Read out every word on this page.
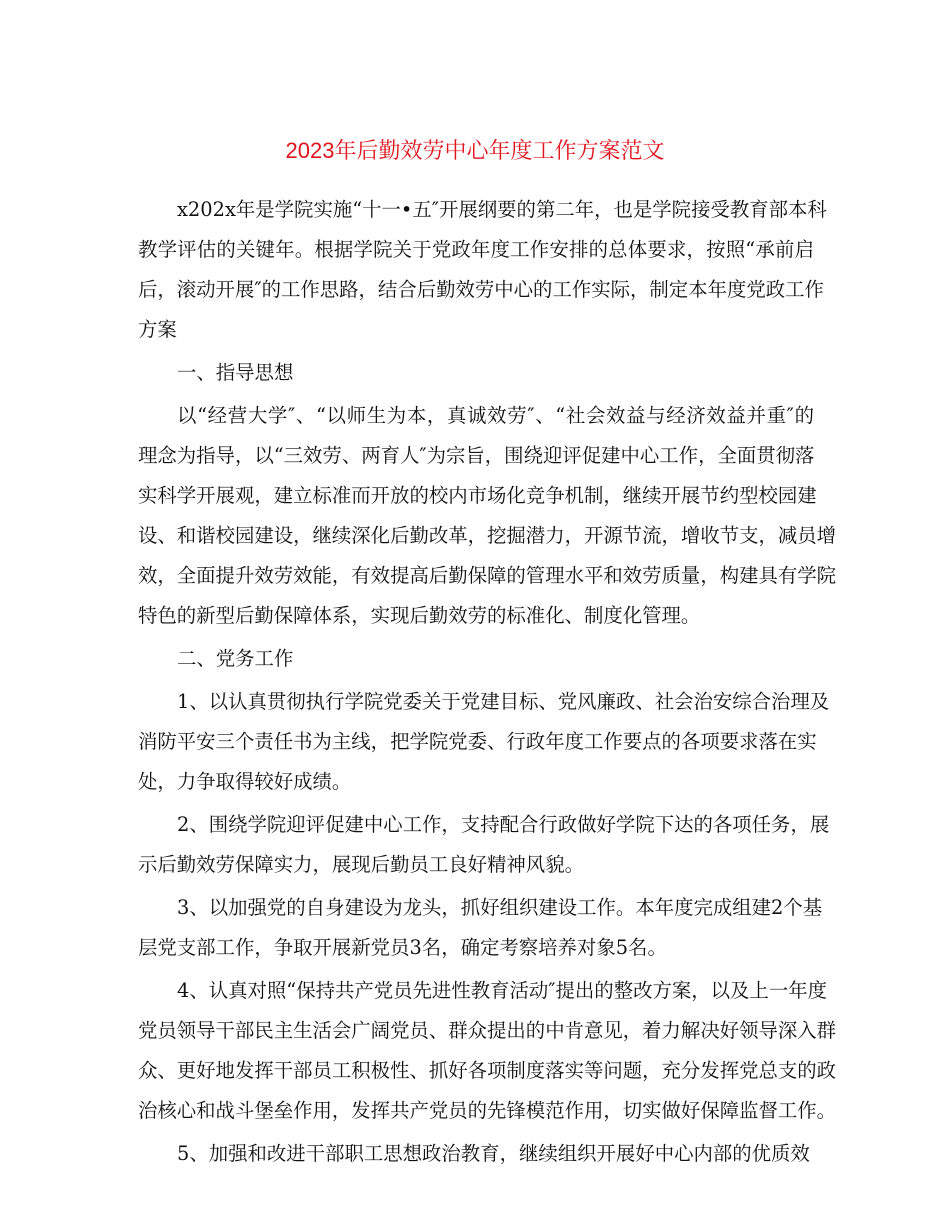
2023年后勤效劳中心年度工作方案范文
x202x年是学院实施“十一•五″开展纲要的第二年，也是学院接受教育部本科
教学评估的关键年。根据学院关于党政年度工作安排的总体要求，按照“承前启
后，滚动开展″的工作思路，结合后勤效劳中心的工作实际，制定本年度党政工作
方案
一、指导思想
以“经营大学″、“以师生为本，真诚效劳″、“社会效益与经济效益并重″的
理念为指导，以“三效劳、两育人″为宗旨，围绕迎评促建中心工作，全面贯彻落
实科学开展观，建立标准而开放的校内市场化竞争机制，继续开展节约型校园建
设、和谐校园建设，继续深化后勤改革，挖掘潜力，开源节流，增收节支，减员增
效，全面提升效劳效能，有效提高后勤保障的管理水平和效劳质量，构建具有学院
特色的新型后勤保障体系，实现后勤效劳的标准化、制度化管理。
二、党务工作
1、以认真贯彻执行学院党委关于党建目标、党风廉政、社会治安综合治理及
消防平安三个责任书为主线，把学院党委、行政年度工作要点的各项要求落在实
处，力争取得较好成绩。
2、围绕学院迎评促建中心工作，支持配合行政做好学院下达的各项任务，展
示后勤效劳保障实力，展现后勤员工良好精神风貌。
3、以加强党的自身建设为龙头，抓好组织建设工作。本年度完成组建2个基
层党支部工作，争取开展新党员3名，确定考察培养对象5名。
4、认真对照“保持共产党员先进性教育活动″提出的整改方案，以及上一年度
党员领导干部民主生活会广阔党员、群众提出的中肯意见，着力解决好领导深入群
众、更好地发挥干部员工积极性、抓好各项制度落实等问题，充分发挥党总支的政
治核心和战斗堡垒作用，发挥共产党员的先锋模范作用，切实做好保障监督工作。
5、加强和改进干部职工思想政治教育，继续组织开展好中心内部的优质效
